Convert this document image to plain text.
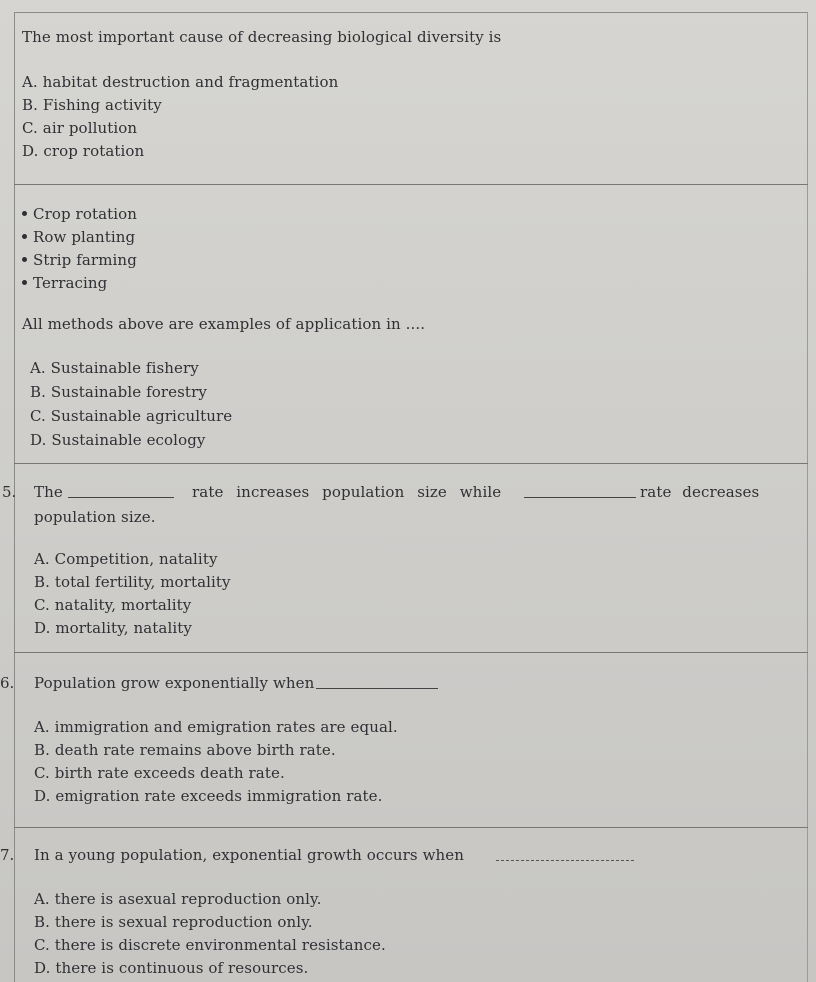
The most important cause of decreasing biological diversity is
A. habitat destruction and fragmentation
B. Fishing activity
C. air pollution
D. crop rotation
Crop rotation
Row planting
Strip farming
Terracing
All methods above are examples of application in ....
A. Sustainable fishery
B. Sustainable forestry
C. Sustainable agriculture
D. Sustainable ecology
5. The	rate increases population size while	rate decreases
population size.
A. Competition, natality
B. total fertility, mortality
C. natality, mortality
D. mortality, natality
6. Population grow exponentially when
A. immigration and emigration rates are equal.
B. death rate remains above birth rate.
C. birth rate exceeds death rate.
D. emigration rate exceeds immigration rate.
7. In a young population, exponential growth occurs when
A. there is asexual reproduction only.
B. there is sexual reproduction only.
C. there is discrete environmental resistance.
D. there is continuous of resources.
